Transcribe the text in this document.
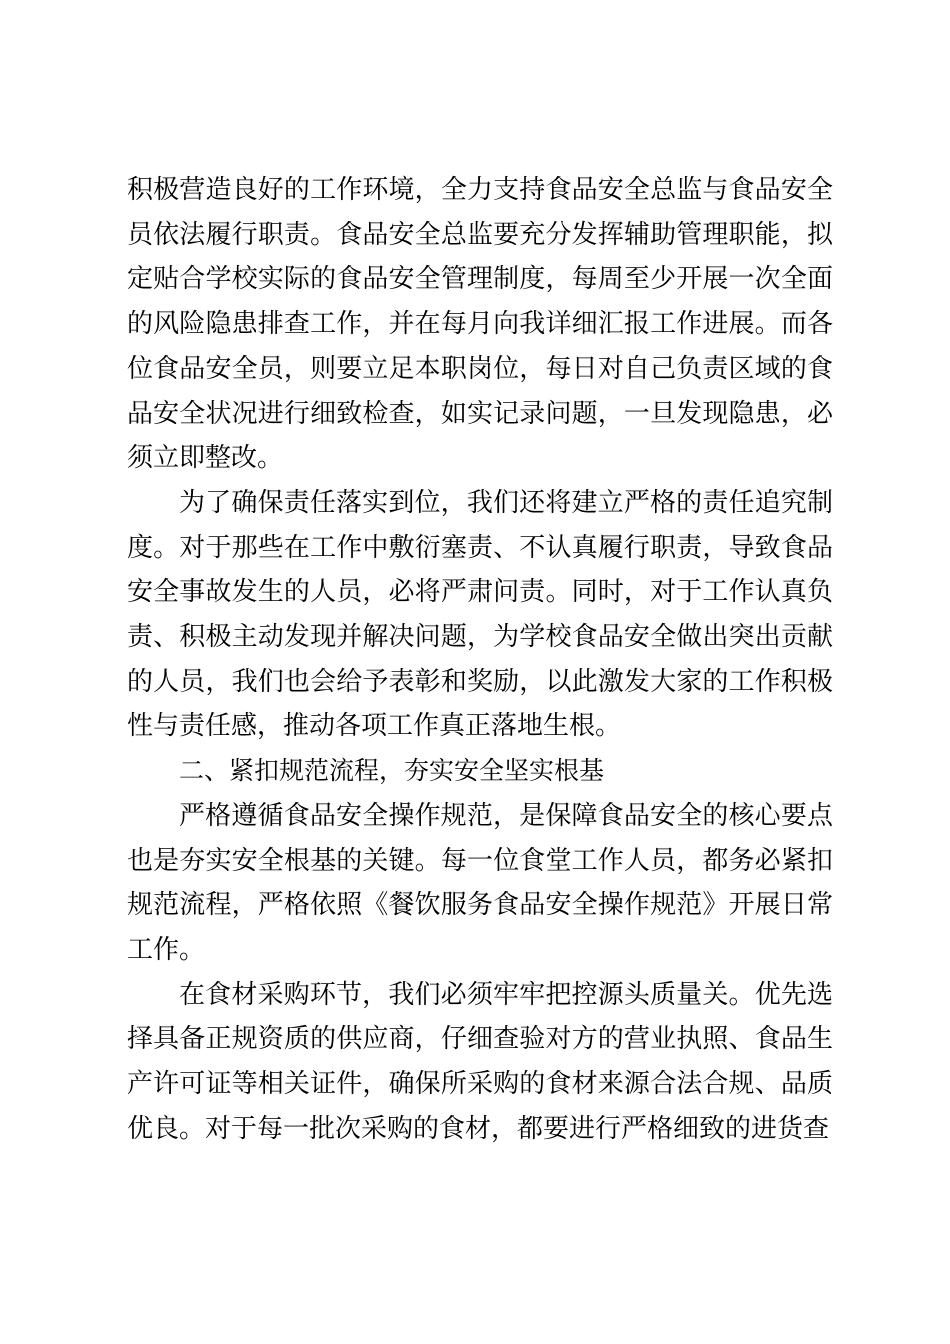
积极营造良好的工作环境，全力支持食品安全总监与食品安全员依法履行职责。食品安全总监要充分发挥辅助管理职能，拟定贴合学校实际的食品安全管理制度，每周至少开展一次全面的风险隐患排查工作，并在每月向我详细汇报工作进展。而各位食品安全员，则要立足本职岗位，每日对自己负责区域的食品安全状况进行细致检查，如实记录问题，一旦发现隐患，必须立即整改。

为了确保责任落实到位，我们还将建立严格的责任追究制度。对于那些在工作中敷衍塞责、不认真履行职责，导致食品安全事故发生的人员，必将严肃问责。同时，对于工作认真负责、积极主动发现并解决问题，为学校食品安全做出突出贡献的人员，我们也会给予表彰和奖励，以此激发大家的工作积极性与责任感，推动各项工作真正落地生根。

二、紧扣规范流程，夯实安全坚实根基

严格遵循食品安全操作规范，是保障食品安全的核心要点也是夯实安全根基的关键。每一位食堂工作人员，都务必紧扣规范流程，严格依照《餐饮服务食品安全操作规范》开展日常工作。

在食材采购环节，我们必须牢牢把控源头质量关。优先选择具备正规资质的供应商，仔细查验对方的营业执照、食品生产许可证等相关证件，确保所采购的食材来源合法合规、品质优良。对于每一批次采购的食材，都要进行严格细致的进货查
